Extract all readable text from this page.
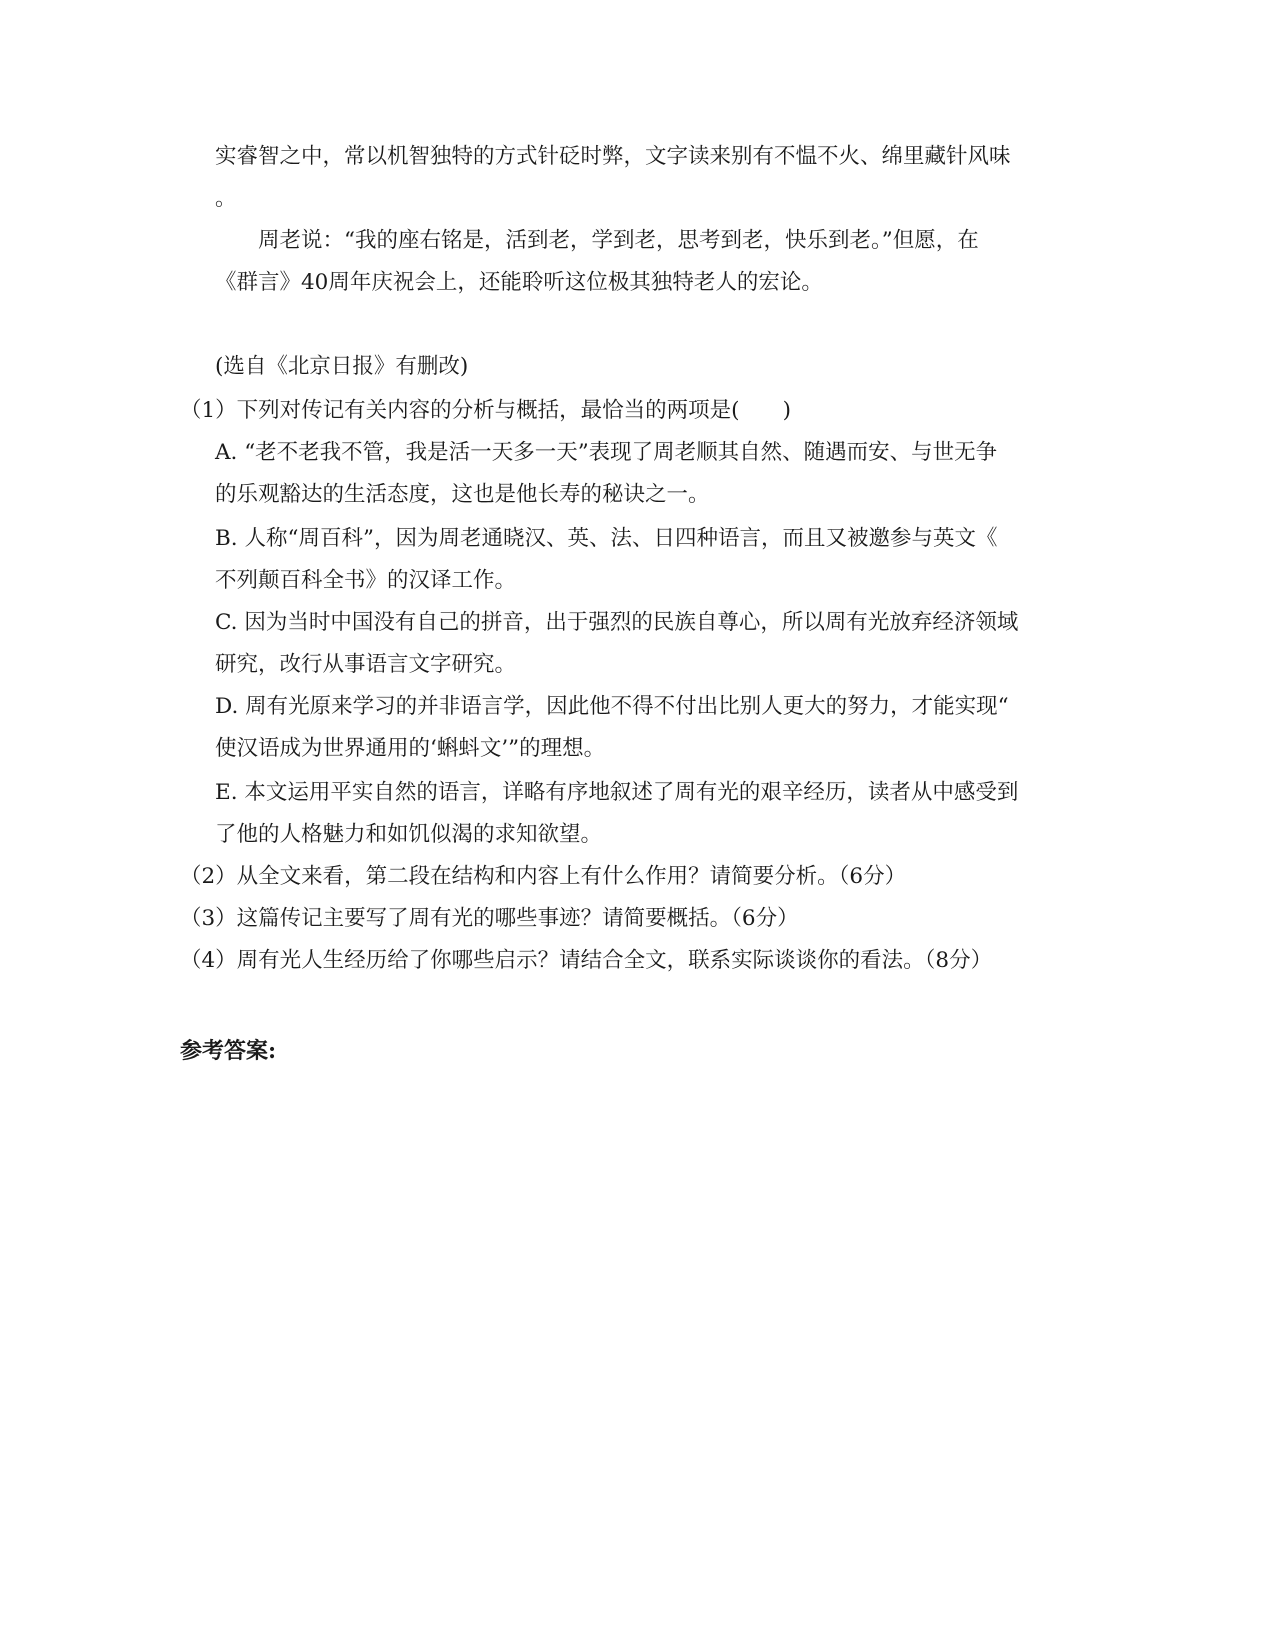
实睿智之中，常以机智独特的方式针砭时弊，文字读来别有不愠不火、绵里藏针风味

。

周老说：“我的座右铭是，活到老，学到老，思考到老，快乐到老。”但愿，在

《群言》40周年庆祝会上，还能聆听这位极其独特老人的宏论。

(选自《北京日报》有删改)

（1）下列对传记有关内容的分析与概括，最恰当的两项是(　　)

A. “老不老我不管，我是活一天多一天”表现了周老顺其自然、随遇而安、与世无争

的乐观豁达的生活态度，这也是他长寿的秘诀之一。

B. 人称“周百科”，因为周老通晓汉、英、法、日四种语言，而且又被邀参与英文《

不列颠百科全书》的汉译工作。

C. 因为当时中国没有自己的拼音，出于强烈的民族自尊心，所以周有光放弃经济领域

研究，改行从事语言文字研究。

D. 周有光原来学习的并非语言学，因此他不得不付出比别人更大的努力，才能实现“

使汉语成为世界通用的‘蝌蚪文’”的理想。

E. 本文运用平实自然的语言，详略有序地叙述了周有光的艰辛经历，读者从中感受到

了他的人格魅力和如饥似渴的求知欲望。

（2）从全文来看，第二段在结构和内容上有什么作用？请简要分析。（6分）

（3）这篇传记主要写了周有光的哪些事迹？请简要概括。（6分）

（4）周有光人生经历给了你哪些启示？请结合全文，联系实际谈谈你的看法。（8分）

参考答案:
